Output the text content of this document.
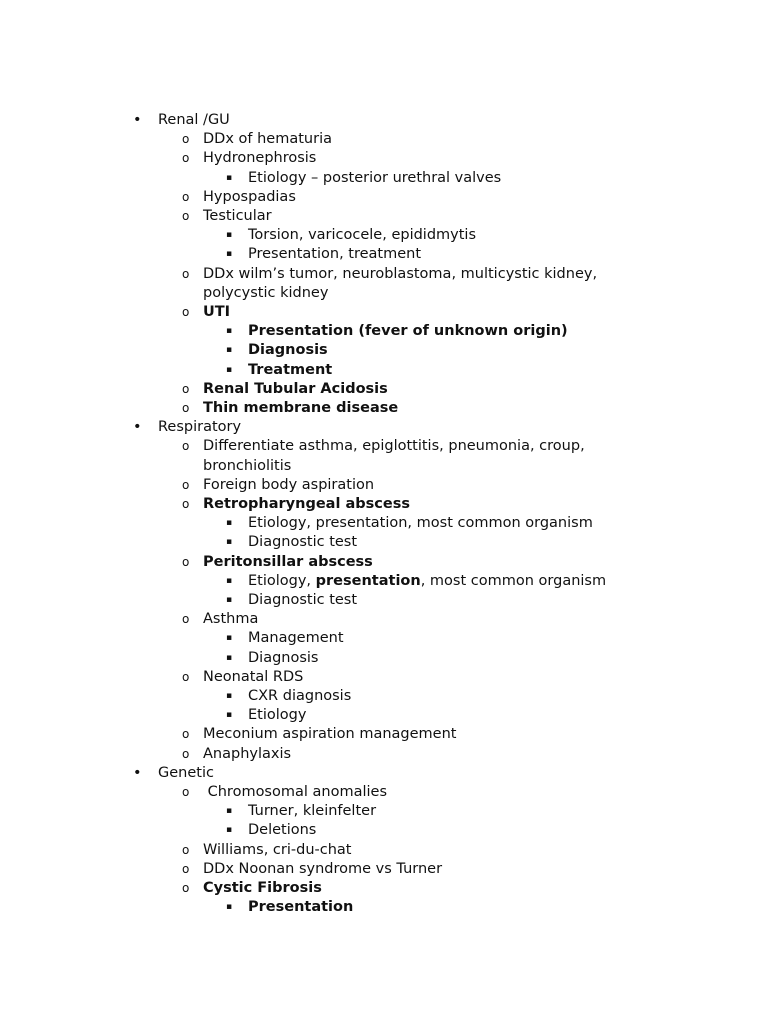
• Renal /GU
o DDx of hematuria
o Hydronephrosis
▪ Etiology – posterior urethral valves
o Hypospadias
o Testicular
▪ Torsion, varicocele, epididmytis
▪ Presentation, treatment
o DDx wilm’s tumor, neuroblastoma, multicystic kidney,
polycystic kidney
o UTI
▪ Presentation (fever of unknown origin)
▪ Diagnosis
▪ Treatment
o Renal Tubular Acidosis
o Thin membrane disease
• Respiratory
o Differentiate asthma, epiglottitis, pneumonia, croup,
bronchiolitis
o Foreign body aspiration
o Retropharyngeal abscess
▪ Etiology, presentation, most common organism
▪ Diagnostic test
o Peritonsillar abscess
▪ Etiology, presentation, most common organism
▪ Diagnostic test
o Asthma
▪ Management
▪ Diagnosis
o Neonatal RDS
▪ CXR diagnosis
▪ Etiology
o Meconium aspiration management
o Anaphylaxis
• Genetic
o Chromosomal anomalies
▪ Turner, kleinfelter
▪ Deletions
o Williams, cri-du-chat
o DDx Noonan syndrome vs Turner
o Cystic Fibrosis
▪ Presentation
